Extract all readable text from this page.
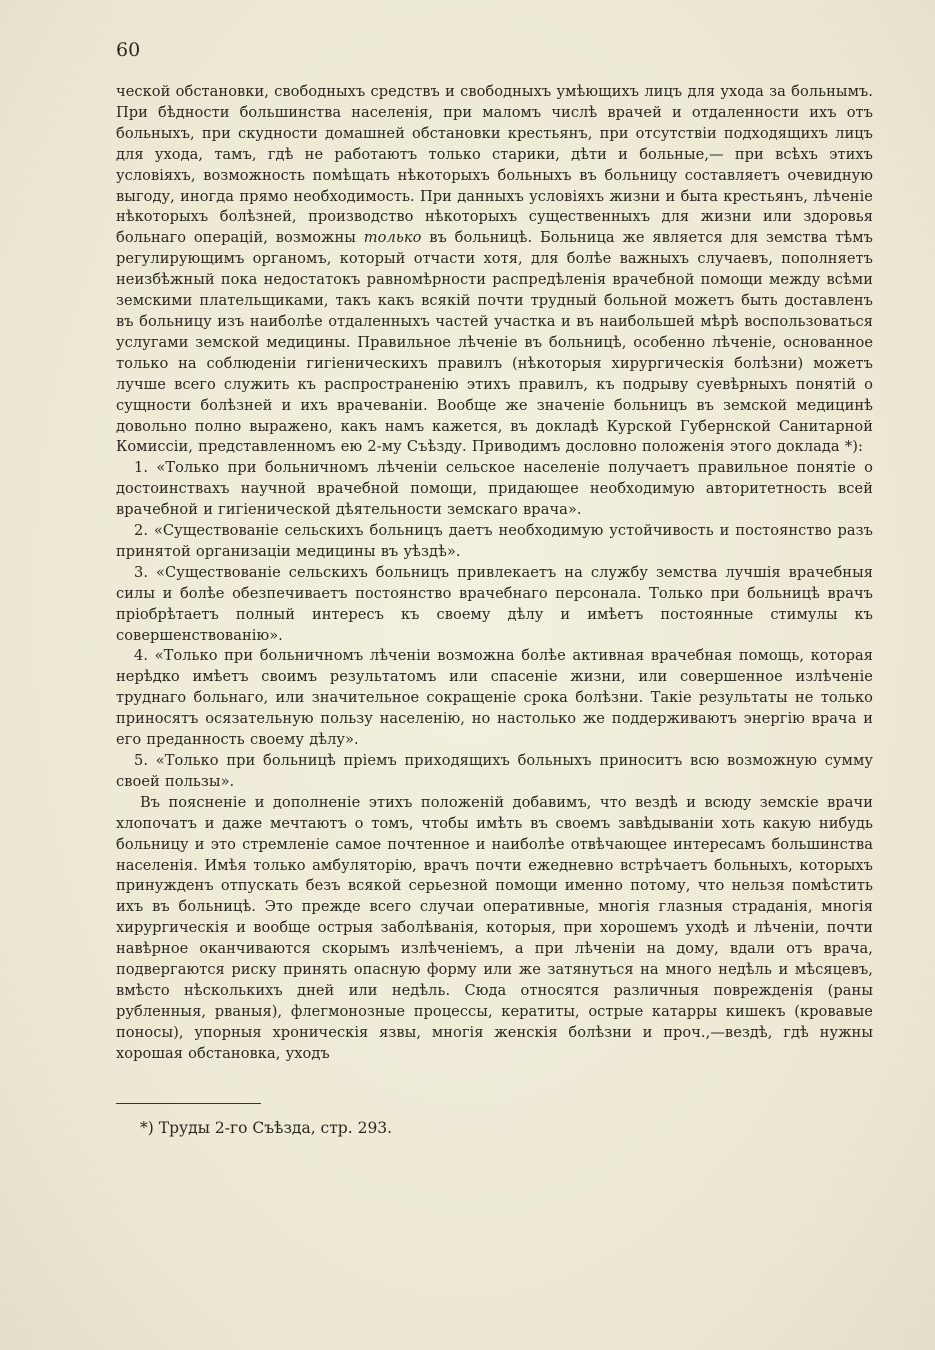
60

ческой обстановки, свободныхъ средствъ и свободныхъ умѣющихъ лицъ для ухода за больнымъ. При бѣдности большинства населенія, при маломъ числѣ врачей и отдаленности ихъ отъ больныхъ, при скудности домашней обстановки крестьянъ, при отсутствіи подходящихъ лицъ для ухода, тамъ, гдѣ не работаютъ только старики, дѣти и больные,— при всѣхъ этихъ условіяхъ, возможность помѣщать нѣкоторыхъ больныхъ въ больницу составляетъ очевидную выгоду, иногда прямо необходимость. При данныхъ условіяхъ жизни и быта крестьянъ, лѣченіе нѣкоторыхъ болѣзней, производство нѣкоторыхъ существенныхъ для жизни или здоровья больнаго операцій, возможны только въ больницѣ. Больница же является для земства тѣмъ регулирующимъ органомъ, который отчасти хотя, для болѣе важныхъ случаевъ, пополняетъ неизбѣжный пока недостатокъ равномѣрности распредѣленія врачебной помощи между всѣми земскими плательщиками, такъ какъ всякій почти трудный больной можетъ быть доставленъ въ больницу изъ наиболѣе отдаленныхъ частей участка и въ наибольшей мѣрѣ воспользоваться услугами земской медицины. Правильное лѣченіе въ больницѣ, особенно лѣченіе, основанное только на соблюденіи гигіеническихъ правилъ (нѣкоторыя хирургическія болѣзни) можетъ лучше всего служить къ распространенію этихъ правилъ, къ подрыву суевѣрныхъ понятій о сущности болѣзней и ихъ врачеваніи. Вообще же значеніе больницъ въ земской медицинѣ довольно полно выражено, какъ намъ кажется, въ докладѣ Курской Губернской Санитарной Комиссіи, представленномъ ею 2-му Съѣзду. Приводимъ дословно положенія этого доклада *):

1. «Только при больничномъ лѣченіи сельское населеніе получаетъ правильное понятіе о достоинствахъ научной врачебной помощи, придающее необходимую авторитетность всей врачебной и гигіенической дѣятельности земскаго врача».

2. «Существованіе сельскихъ больницъ даетъ необходимую устойчивость и постоянство разъ принятой организаціи медицины въ уѣздѣ».

3. «Существованіе сельскихъ больницъ привлекаетъ на службу земства лучшія врачебныя силы и болѣе обезпечиваетъ постоянство врачебнаго персонала. Только при больницѣ врачъ пріобрѣтаетъ полный интересъ къ своему дѣлу и имѣетъ постоянные стимулы къ совершенствованію».

4. «Только при больничномъ лѣченіи возможна болѣе активная врачебная помощь, которая нерѣдко имѣетъ своимъ результатомъ или спасеніе жизни, или совершенное излѣченіе труднаго больнаго, или значительное сокращеніе срока болѣзни. Такіе результаты не только приносятъ осязательную пользу населенію, но настолько же поддерживаютъ энергію врача и его преданность своему дѣлу».

5. «Только при больницѣ пріемъ приходящихъ больныхъ приноситъ всю возможную сумму своей пользы».

Въ поясненіе и дополненіе этихъ положеній добавимъ, что вездѣ и всюду земскіе врачи хлопочатъ и даже мечтаютъ о томъ, чтобы имѣть въ своемъ завѣдываніи хоть какую нибудь больницу и это стремленіе самое почтенное и наиболѣе отвѣчающее интересамъ большинства населенія. Имѣя только амбуляторію, врачъ почти ежедневно встрѣчаетъ больныхъ, которыхъ принужденъ отпускать безъ всякой серьезной помощи именно потому, что нельзя помѣстить ихъ въ больницѣ. Это прежде всего случаи оперативные, многія глазныя страданія, многія хирургическія и вообще острыя заболѣванія, которыя, при хорошемъ уходѣ и лѣченіи, почти навѣрное оканчиваются скорымъ излѣченіемъ, а при лѣченіи на дому, вдали отъ врача, подвергаются риску принять опасную форму или же затянуться на много недѣль и мѣсяцевъ, вмѣсто нѣсколькихъ дней или недѣль. Сюда относятся различныя поврежденія (раны рубленныя, рваныя), флегмонозные процессы, кератиты, острые катарры кишекъ (кровавые поносы), упорныя хроническія язвы, многія женскія болѣзни и проч.,—вездѣ, гдѣ нужны хорошая обстановка, уходъ

*) Труды 2-го Съѣзда, стр. 293.
